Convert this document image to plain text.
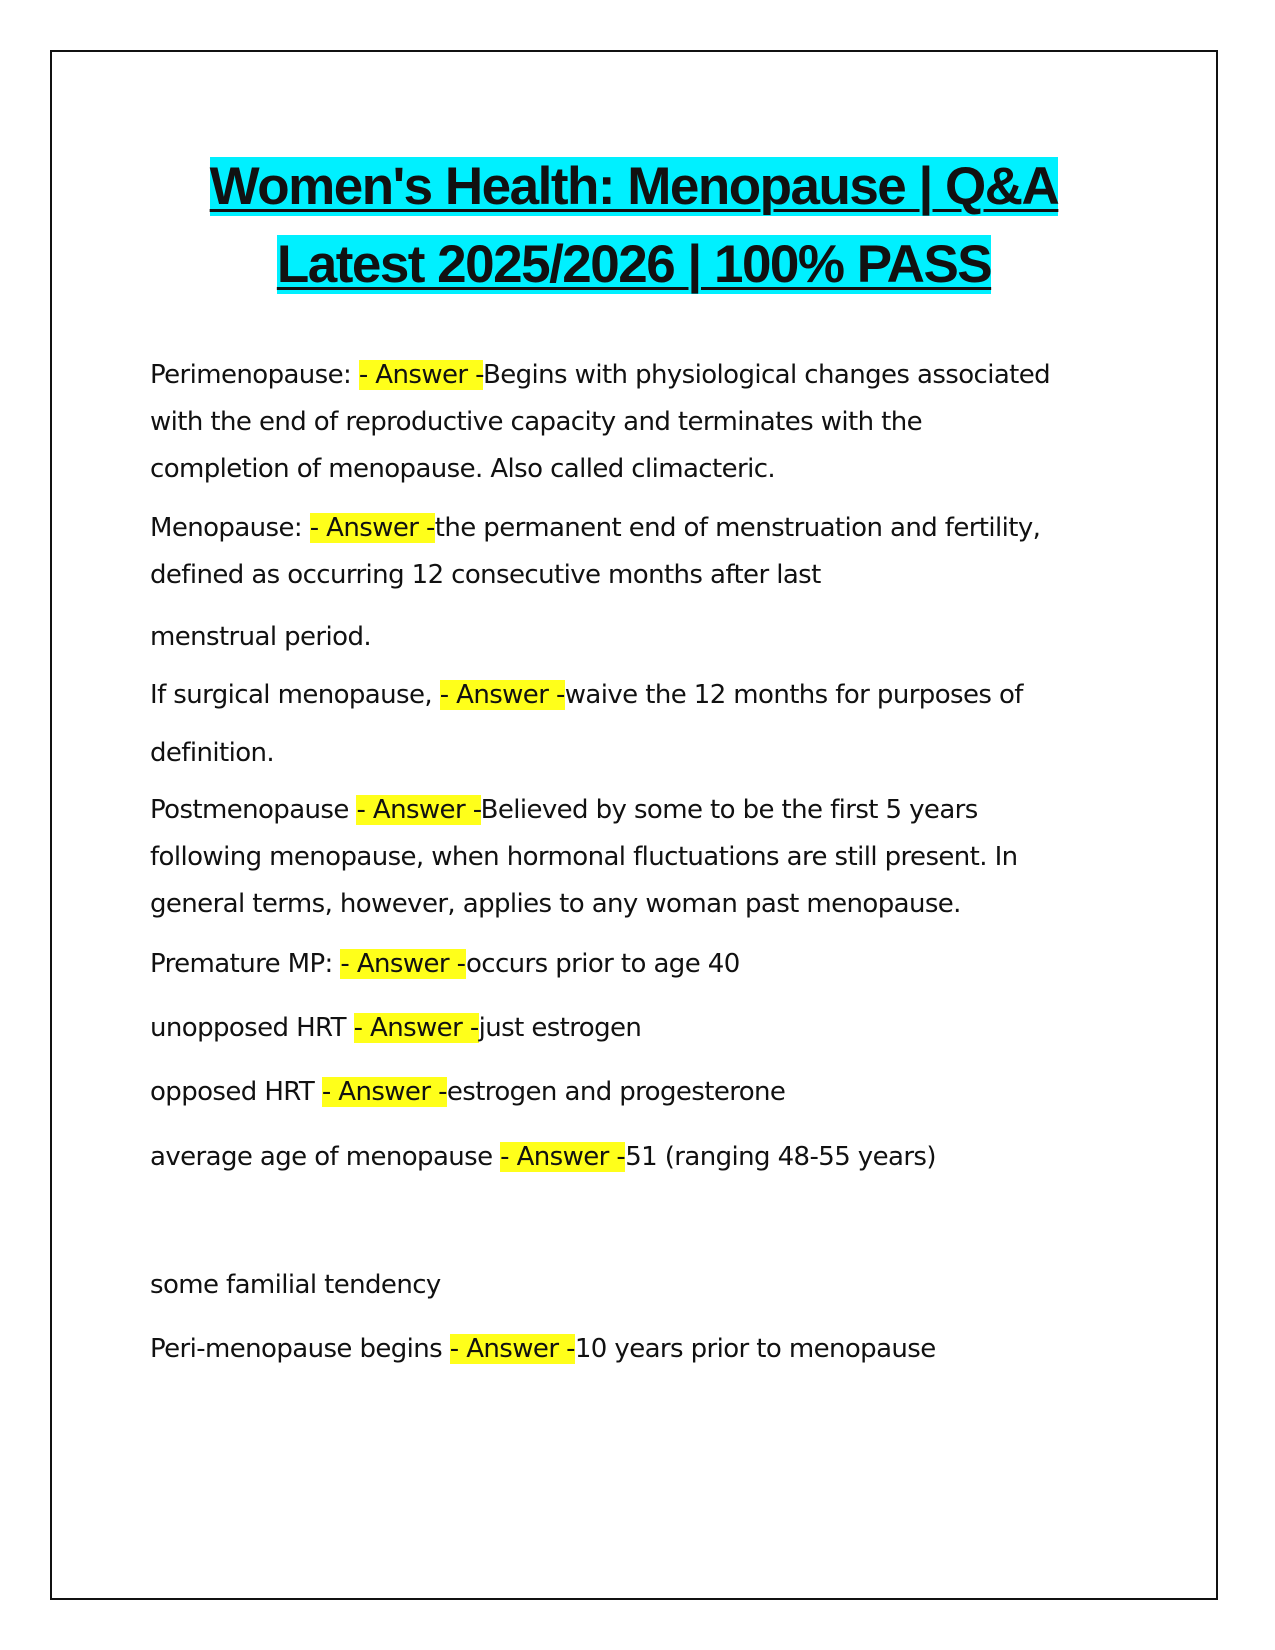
Women's Health: Menopause | Q&A
Latest 2025/2026 | 100% PASS

Perimenopause: - Answer -Begins with physiological changes associated
with the end of reproductive capacity and terminates with the
completion of menopause. Also called climacteric.

Menopause: - Answer -the permanent end of menstruation and fertility,
defined as occurring 12 consecutive months after last

menstrual period.

If surgical menopause, - Answer -waive the 12 months for purposes of

definition.

Postmenopause - Answer -Believed by some to be the first 5 years
following menopause, when hormonal fluctuations are still present. In
general terms, however, applies to any woman past menopause.

Premature MP: - Answer -occurs prior to age 40

unopposed HRT - Answer -just estrogen

opposed HRT - Answer -estrogen and progesterone

average age of menopause - Answer -51 (ranging 48-55 years)

some familial tendency

Peri-menopause begins - Answer -10 years prior to menopause
